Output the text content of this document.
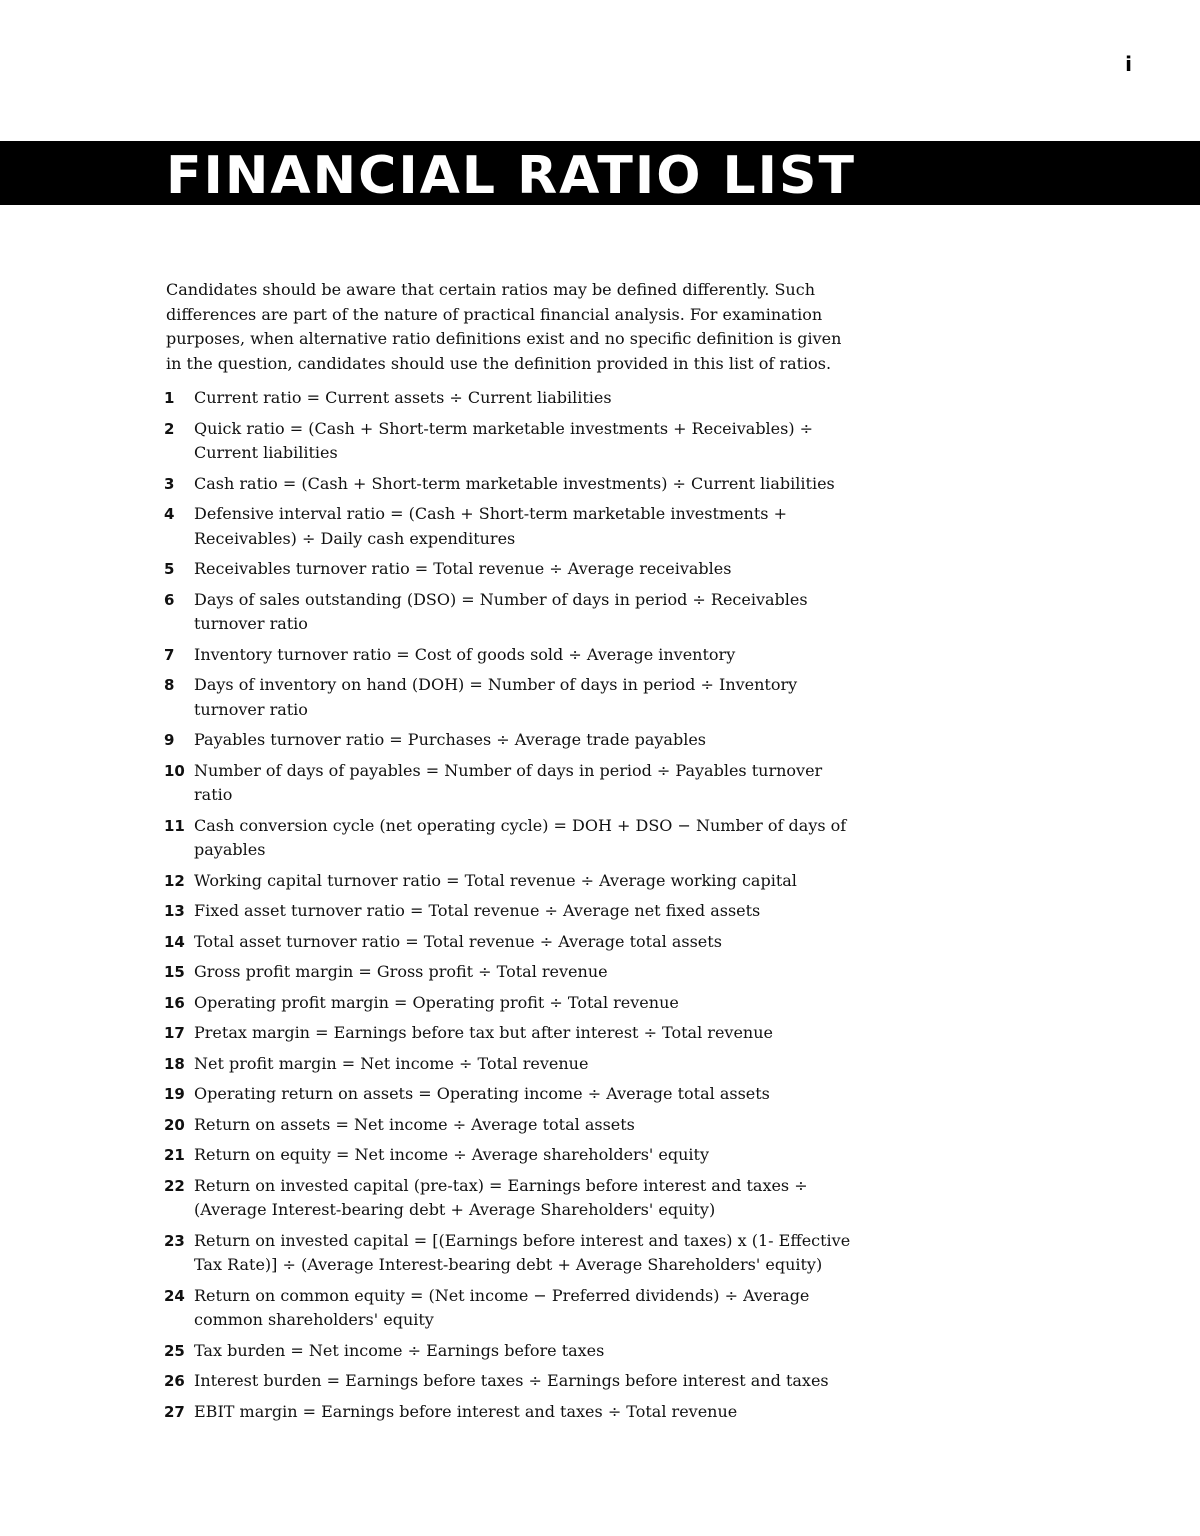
i
FINANCIAL RATIO LIST

Candidates should be aware that certain ratios may be defined differently. Such differences are part of the nature of practical financial analysis. For examination purposes, when alternative ratio definitions exist and no specific definition is given in the question, candidates should use the definition provided in this list of ratios.

1	Current ratio = Current assets ÷ Current liabilities
2	Quick ratio = (Cash + Short-term marketable investments + Receivables) ÷ Current liabilities
3	Cash ratio = (Cash + Short-term marketable investments) ÷ Current liabilities
4	Defensive interval ratio = (Cash + Short-term marketable investments + Receivables) ÷ Daily cash expenditures
5	Receivables turnover ratio = Total revenue ÷ Average receivables
6	Days of sales outstanding (DSO) = Number of days in period ÷ Receivables turnover ratio
7	Inventory turnover ratio = Cost of goods sold ÷ Average inventory
8	Days of inventory on hand (DOH) = Number of days in period ÷ Inventory turnover ratio
9	Payables turnover ratio = Purchases ÷ Average trade payables
10 Number of days of payables = Number of days in period ÷ Payables turnover ratio
11 Cash conversion cycle (net operating cycle) = DOH + DSO − Number of days of payables
12 Working capital turnover ratio = Total revenue ÷ Average working capital
13 Fixed asset turnover ratio = Total revenue ÷ Average net fixed assets
14 Total asset turnover ratio = Total revenue ÷ Average total assets
15 Gross profit margin = Gross profit ÷ Total revenue
16 Operating profit margin = Operating profit ÷ Total revenue
17 Pretax margin = Earnings before tax but after interest ÷ Total revenue
18 Net profit margin = Net income ÷ Total revenue
19 Operating return on assets = Operating income ÷ Average total assets
20 Return on assets = Net income ÷ Average total assets
21 Return on equity = Net income ÷ Average shareholders' equity
22 Return on invested capital (pre-tax) = Earnings before interest and taxes ÷ (Average Interest-bearing debt + Average Shareholders' equity)
23 Return on invested capital = [(Earnings before interest and taxes) x (1- Effective Tax Rate)] ÷ (Average Interest-bearing debt + Average Shareholders' equity)
24 Return on common equity = (Net income − Preferred dividends) ÷ Average common shareholders' equity
25 Tax burden = Net income ÷ Earnings before taxes
26 Interest burden = Earnings before taxes ÷ Earnings before interest and taxes
27 EBIT margin = Earnings before interest and taxes ÷ Total revenue
